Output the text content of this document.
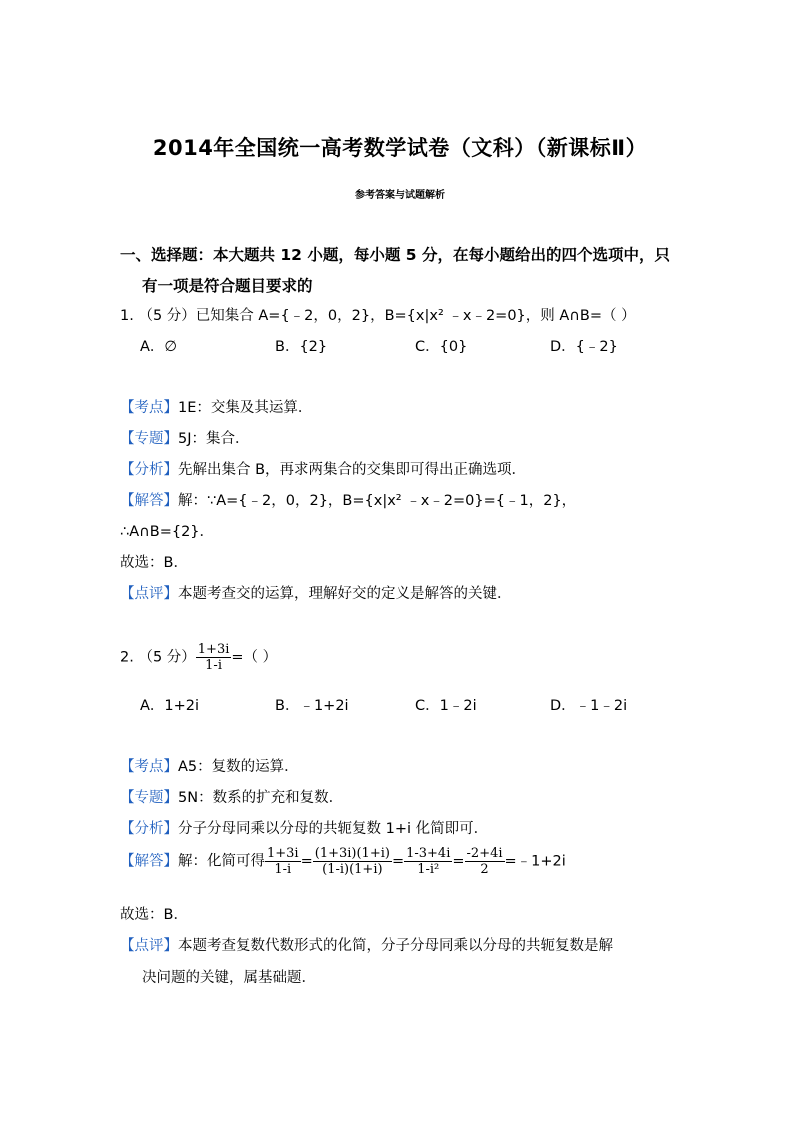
2014年全国统一高考数学试卷（文科）（新课标Ⅱ）
参考答案与试题解析
一、选择题：本大题共 12 小题，每小题 5 分，在每小题给出的四个选项中，只
有一项是符合题目要求的
1. （5 分）已知集合 A={﹣2，0，2}，B={x|x² ﹣x﹣2=0}，则 A∩B=（ ）
A．∅	B．{2}	C．{0}	D．{﹣2}
【考点】1E：交集及其运算．
【专题】5J：集合．
【分析】先解出集合 B，再求两集合的交集即可得出正确选项．
【解答】解：∵A={﹣2，0，2}，B={x|x² ﹣x﹣2=0}={﹣1，2}，
∴A∩B={2}．
故选：B．
【点评】本题考查交的运算，理解好交的定义是解答的关键．
2. （5 分） $\frac{1+3i}{1-i}$ =（ ）
A．1+2i	B．﹣1+2i	C．1﹣2i	D．﹣1﹣2i
【考点】A5：复数的运算．
【专题】5N：数系的扩充和复数．
【分析】分子分母同乘以分母的共轭复数 1+i 化简即可．
【解答】解：化简可得 $\frac{1+3i}{1-i} = \frac{(1+3i)(1+i)}{(1-i)(1+i)} = \frac{1-3+4i}{\text{1-i²}} = \frac{-2+4i}{2}$ =﹣1+2i
故选：B．
【点评】本题考查复数代数形式的化简，分子分母同乘以分母的共轭复数是解
决问题的关键，属基础题．
